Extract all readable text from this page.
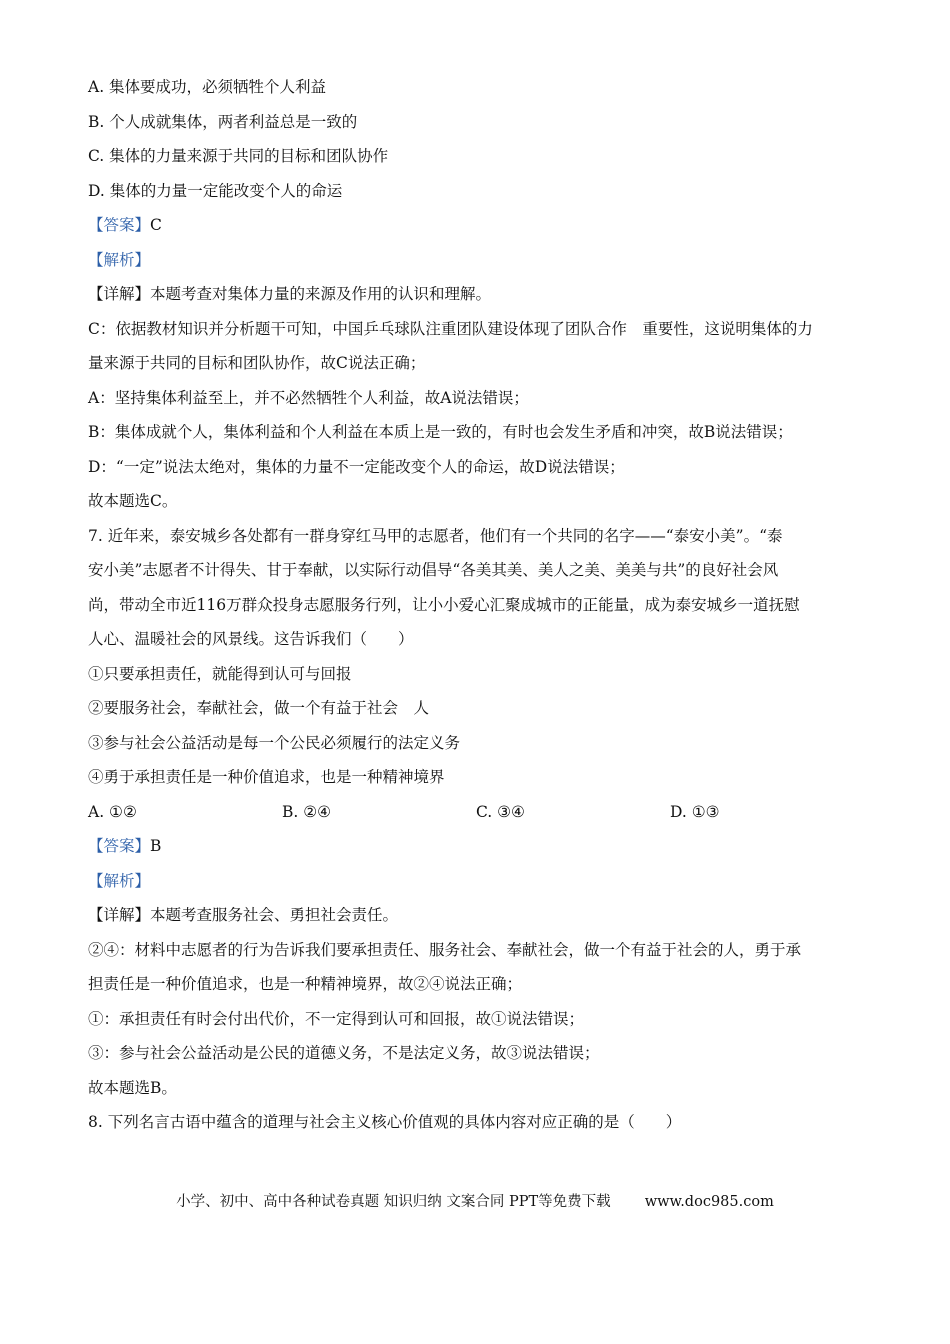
A. 集体要成功，必须牺牲个人利益
B. 个人成就集体，两者利益总是一致的
C. 集体的力量来源于共同的目标和团队协作
D. 集体的力量一定能改变个人的命运
【答案】C
【解析】
【详解】本题考查对集体力量的来源及作用的认识和理解。
C：依据教材知识并分析题干可知，中国乒乓球队注重团队建设体现了团队合作　重要性，这说明集体的力
量来源于共同的目标和团队协作，故C说法正确；
A：坚持集体利益至上，并不必然牺牲个人利益，故A说法错误；
B：集体成就个人，集体利益和个人利益在本质上是一致的，有时也会发生矛盾和冲突，故B说法错误；
D：“一定”说法太绝对，集体的力量不一定能改变个人的命运，故D说法错误；
故本题选C。
7. 近年来，泰安城乡各处都有一群身穿红马甲的志愿者，他们有一个共同的名字——“泰安小美”。“泰
安小美”志愿者不计得失、甘于奉献，以实际行动倡导“各美其美、美人之美、美美与共”的良好社会风
尚，带动全市近116万群众投身志愿服务行列，让小小爱心汇聚成城市的正能量，成为泰安城乡一道抚慰
人心、温暖社会的风景线。这告诉我们（　　）
①只要承担责任，就能得到认可与回报
②要服务社会，奉献社会，做一个有益于社会　人
③参与社会公益活动是每一个公民必须履行的法定义务
④勇于承担责任是一种价值追求，也是一种精神境界
A. ①②	B. ②④	C. ③④	D. ①③
【答案】B
【解析】
【详解】本题考查服务社会、勇担社会责任。
②④：材料中志愿者的行为告诉我们要承担责任、服务社会、奉献社会，做一个有益于社会的人，勇于承
担责任是一种价值追求，也是一种精神境界，故②④说法正确；
①：承担责任有时会付出代价，不一定得到认可和回报，故①说法错误；
③：参与社会公益活动是公民的道德义务，不是法定义务，故③说法错误；
故本题选B。
8. 下列名言古语中蕴含的道理与社会主义核心价值观的具体内容对应正确的是（　　）
小学、初中、高中各种试卷真题 知识归纳 文案合同 PPT等免费下载 www.doc985.com
